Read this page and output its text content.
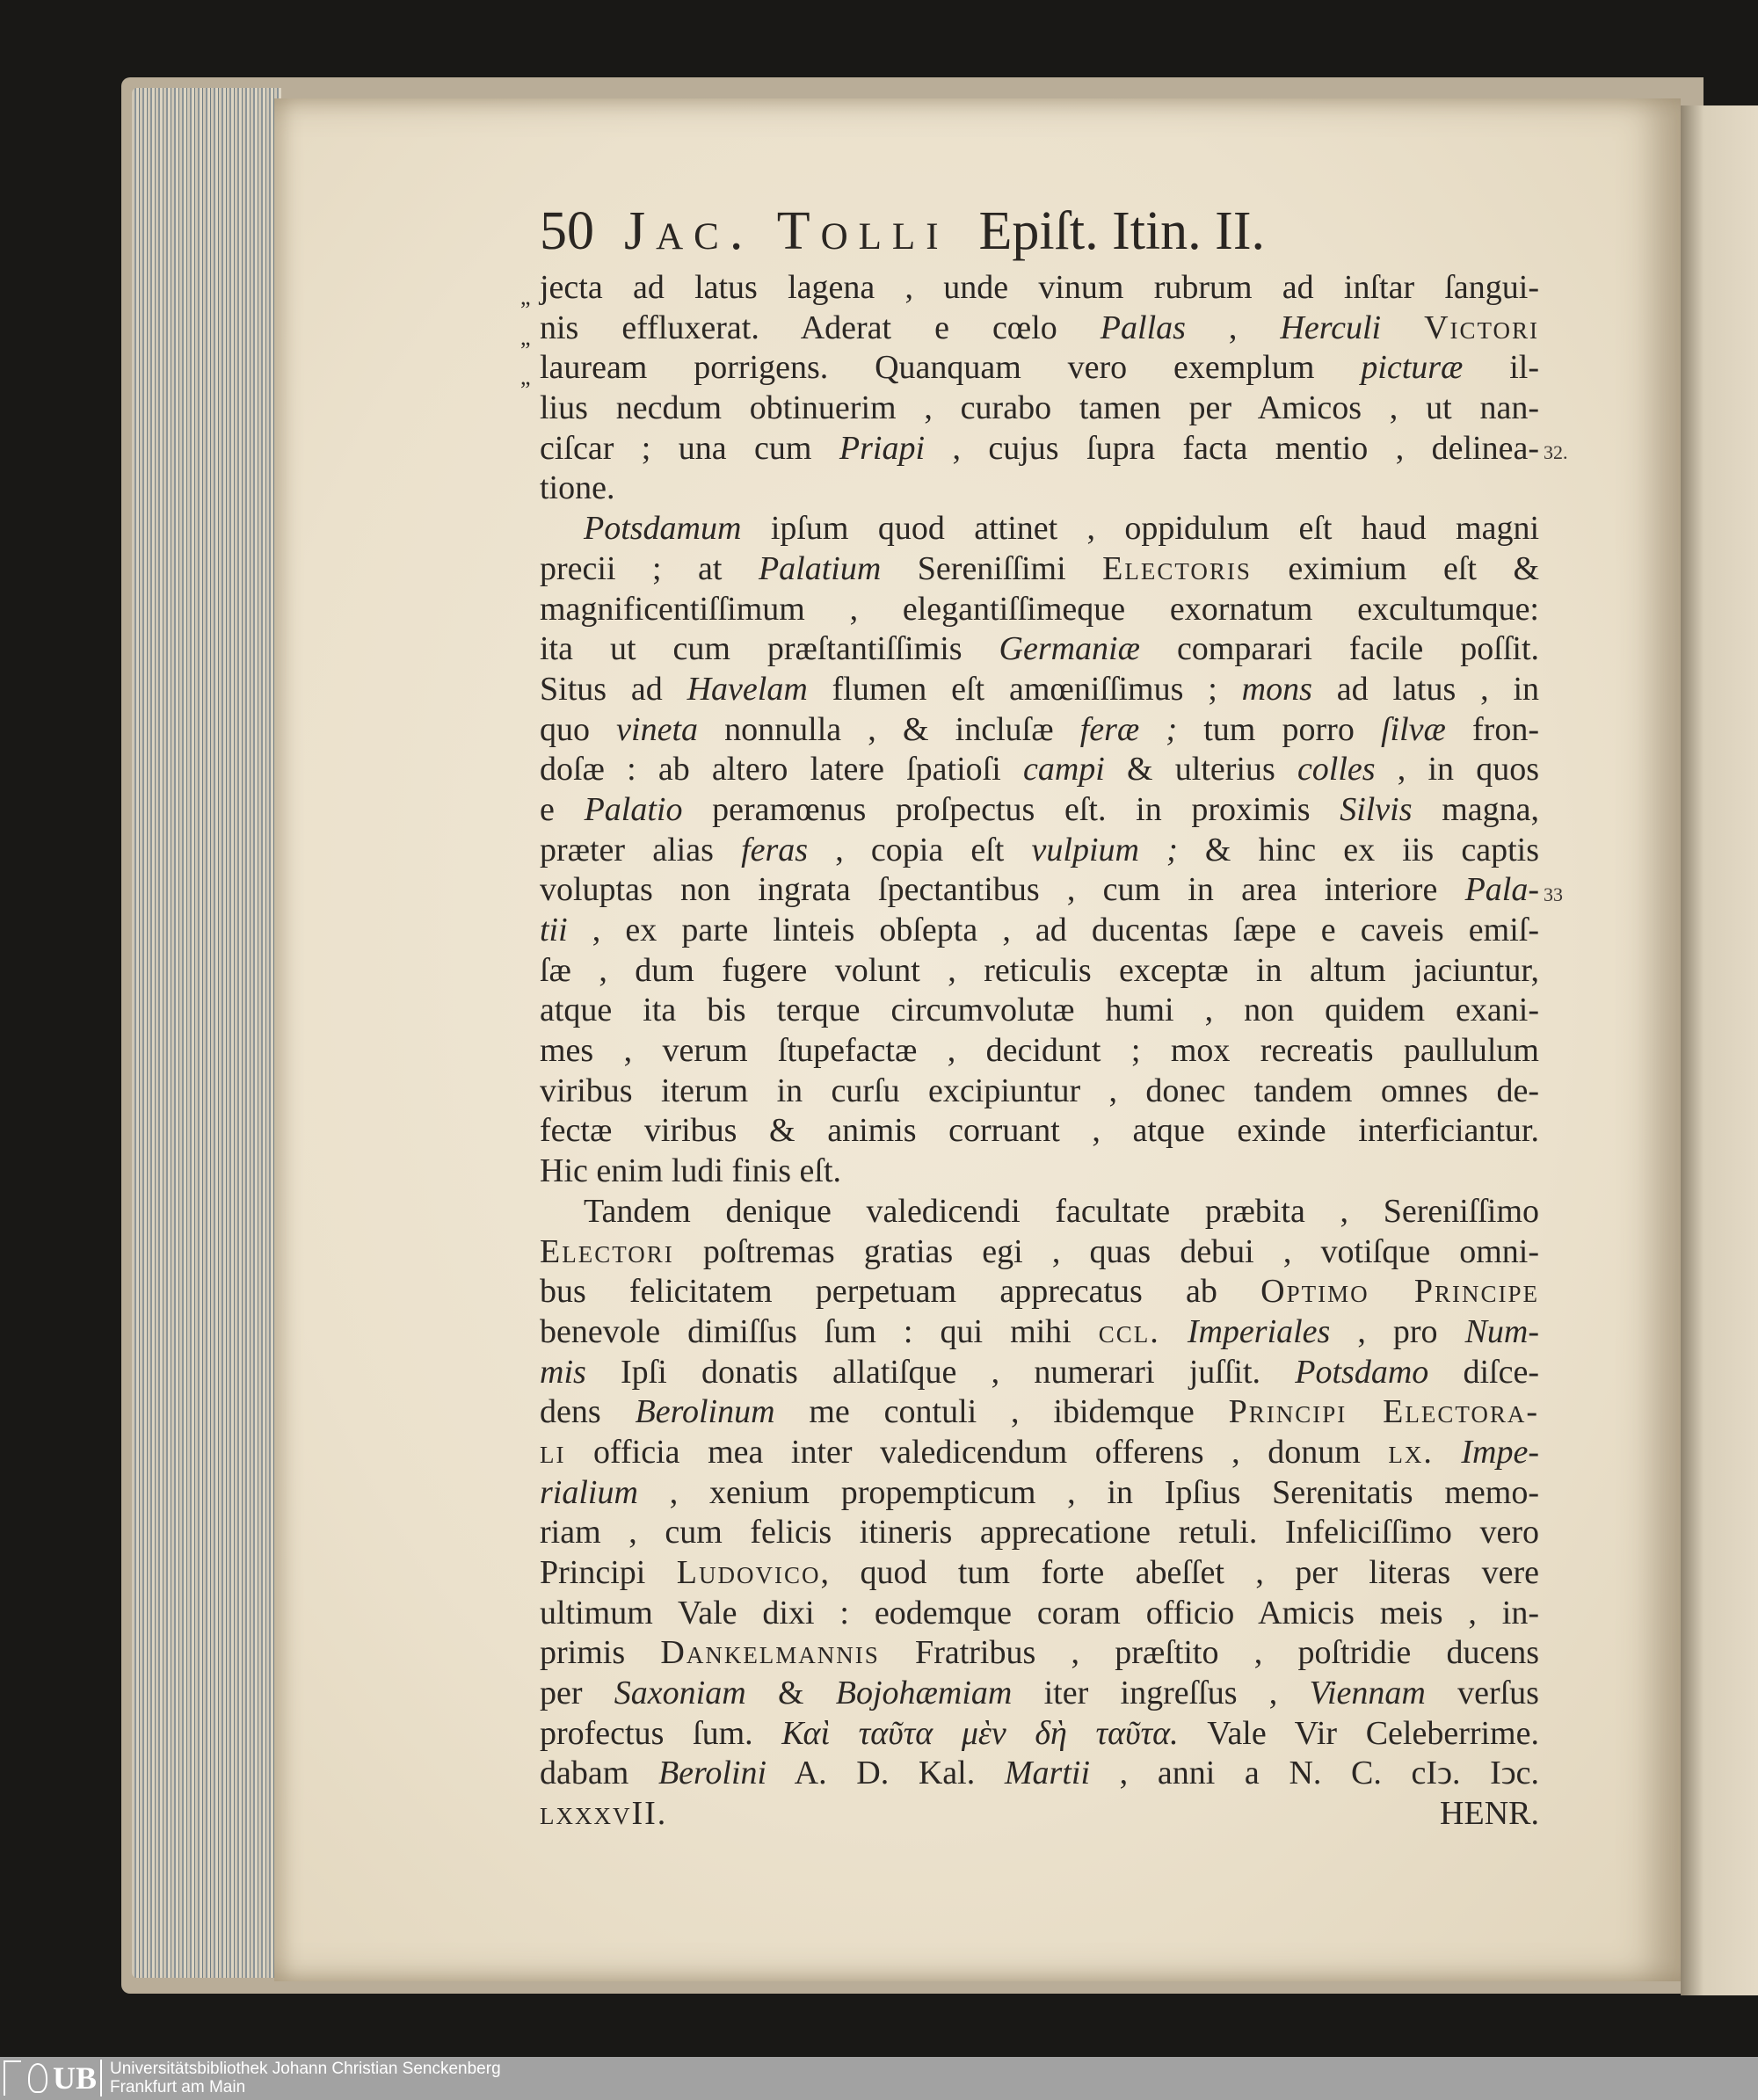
50 Jac. Tolli Epiſt. Itin. II.
„ jecta ad latus lagena , unde vinum rubrum ad inſtar ſangui-
„ nis effluxerat. Aderat e cœlo Pallas , Herculi Victori
„ lauream porrigens. Quanquam vero exemplum picturæ il-
lius necdum obtinuerim , curabo tamen per Amicos , ut nan-
ciſcar ; una cum Priapi , cujus ſupra facta mentio , delinea-
tione.
Potsdamum ipſum quod attinet , oppidulum eſt haud magni
precii ; at Palatium Sereniſſimi Electoris eximium eſt &
magnificentiſſimum , elegantiſſimeque exornatum excultumque:
ita ut cum præſtantiſſimis Germaniæ comparari facile poſſit.
Situs ad Havelam flumen eſt amœniſſimus ; mons ad latus , in
quo vineta nonnulla , & incluſæ feræ ; tum porro ſilvæ fron-
doſæ : ab altero latere ſpatioſi campi & ulterius colles , in quos
e Palatio peramœnus proſpectus eſt. in proximis Silvis magna,
præter alias feras , copia eſt vulpium ; & hinc ex iis captis
voluptas non ingrata ſpectantibus , cum in area interiore Pala-
tii , ex parte linteis obſepta , ad ducentas ſæpe e caveis emiſ-
ſæ , dum fugere volunt , reticulis exceptæ in altum jaciuntur,
atque ita bis terque circumvolutæ humi , non quidem exani-
mes , verum ſtupefactæ , decidunt ; mox recreatis paullulum
viribus iterum in curſu excipiuntur , donec tandem omnes de-
fectæ viribus & animis corruant , atque exinde interficiantur.
Hic enim ludi finis eſt.
Tandem denique valedicendi facultate præbita , Sereniſſimo
Electori poſtremas gratias egi , quas debui , votiſque omni-
bus felicitatem perpetuam apprecatus ab Optimo Principe
benevole dimiſſus ſum : qui mihi ccl. Imperiales , pro Num-
mis Ipſi donatis allatiſque , numerari juſſit. Potsdamo diſce-
dens Berolinum me contuli , ibidemque Principi Electora-
li officia mea inter valedicendum offerens , donum lx. Impe-
rialium , xenium propempticum , in Ipſius Serenitatis memo-
riam , cum felicis itineris apprecatione retuli. Infeliciſſimo vero
Principi Ludovico, quod tum forte abeſſet , per literas vere
ultimum Vale dixi : eodemque coram officio Amicis meis , in-
primis Dankelmannis Fratribus , præſtito , poſtridie ducens
per Saxoniam & Bojohæmiam iter ingreſſus , Viennam verſus
profectus ſum. Καὶ ταῦτα μὲν δὴ ταῦτα. Vale Vir Celeberrime.
dabam Berolini A. D. Kal. Martii , anni a N. C. cIↄ. Iↄc.
lxxxvII.	HENR.
32.
33
UB Universitätsbibliothek Johann Christian Senckenberg
Frankfurt am Main
